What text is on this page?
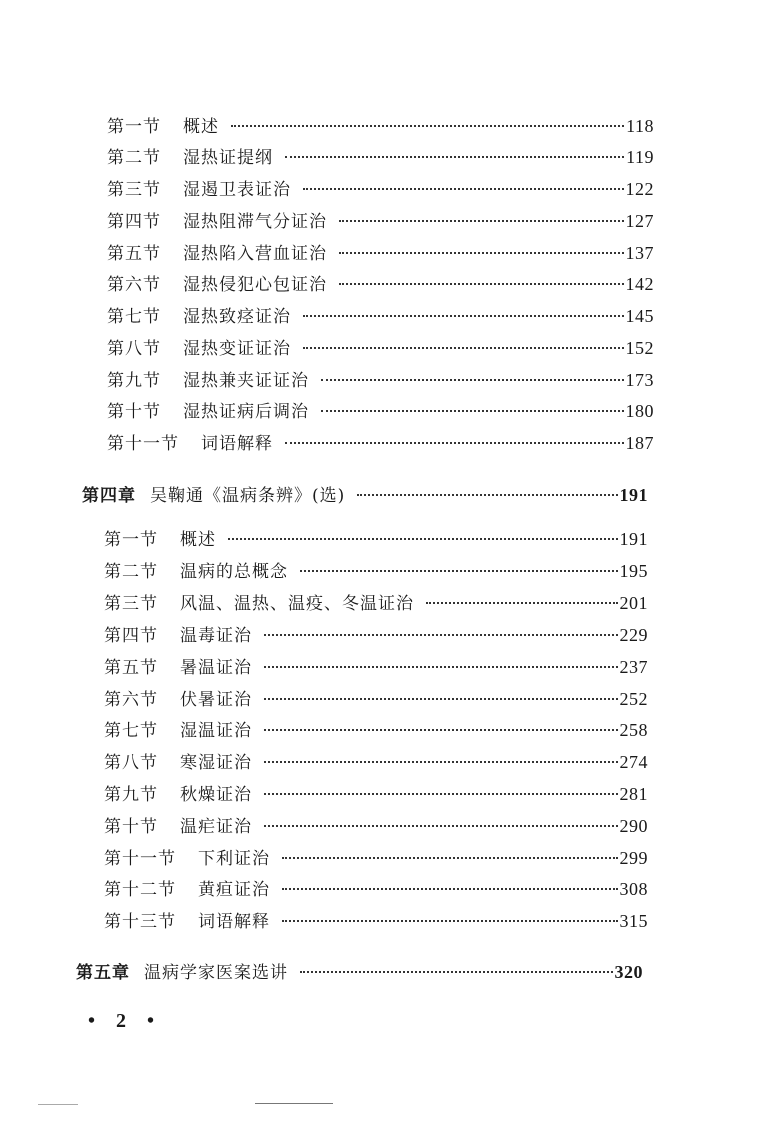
第一节 概述	118
第二节 湿热证提纲	119
第三节 湿遏卫表证治	122
第四节 湿热阻滞气分证治	127
第五节 湿热陷入营血证治	137
第六节 湿热侵犯心包证治	142
第七节 湿热致痉证治	145
第八节 湿热变证证治	152
第九节 湿热兼夹证证治	173
第十节 湿热证病后调治	180
第十一节 词语解释	187
第四章 吴鞠通《温病条辨》(选)	191
第一节 概述	191
第二节 温病的总概念	195
第三节 风温、温热、温疫、冬温证治	201
第四节 温毒证治	229
第五节 暑温证治	237
第六节 伏暑证治	252
第七节 湿温证治	258
第八节 寒湿证治	274
第九节 秋燥证治	281
第十节 温疟证治	290
第十一节 下利证治	299
第十二节 黄疸证治	308
第十三节 词语解释	315
第五章 温病学家医案选讲	320
• 2 •
